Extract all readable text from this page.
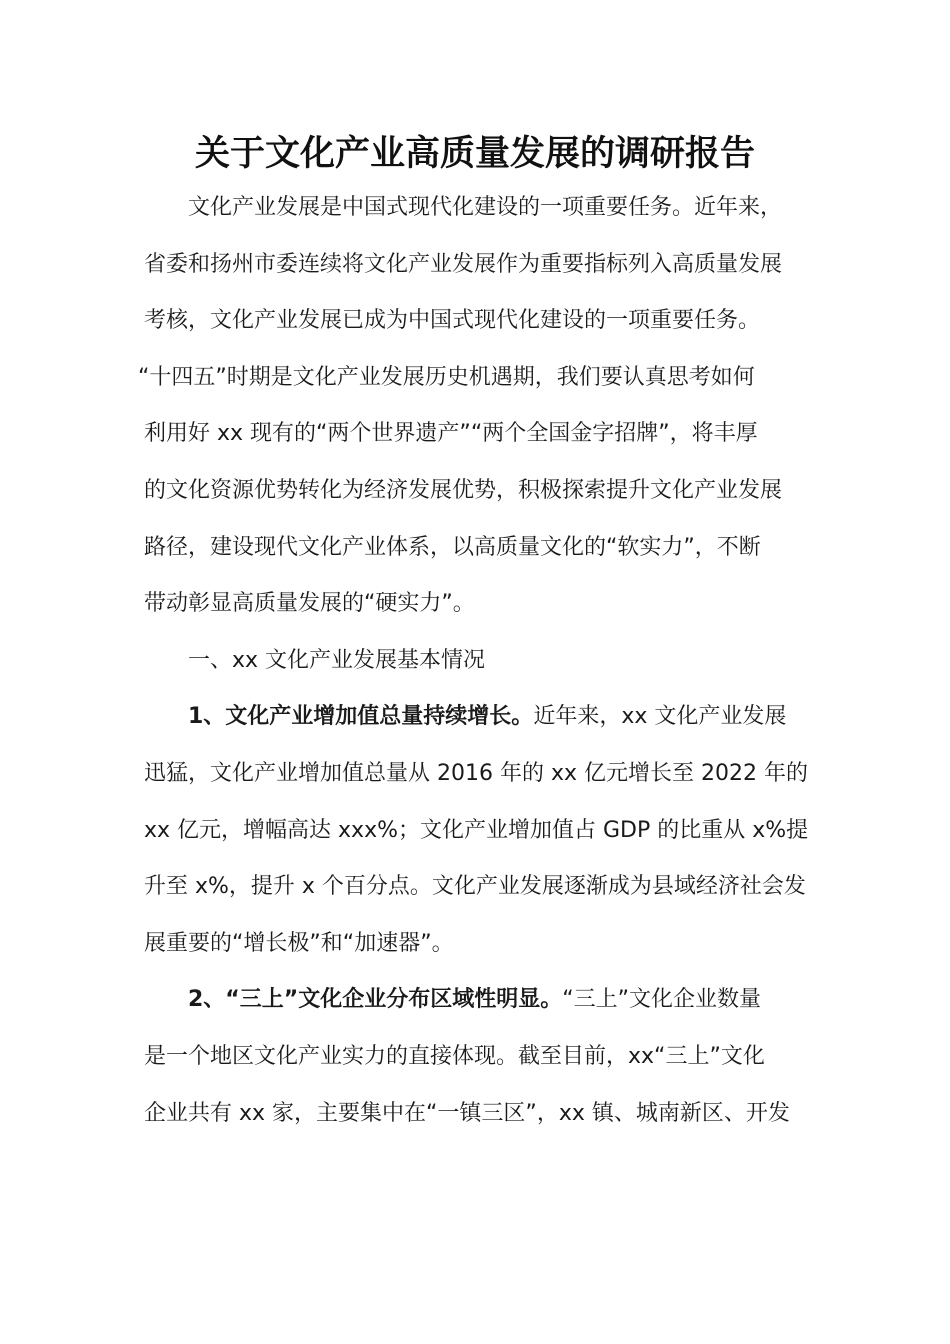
关于文化产业高质量发展的调研报告
文化产业发展是中国式现代化建设的一项重要任务。近年来，
省委和扬州市委连续将文化产业发展作为重要指标列入高质量发展
考核，文化产业发展已成为中国式现代化建设的一项重要任务。
“十四五”时期是文化产业发展历史机遇期，我们要认真思考如何
利用好 xx 现有的“两个世界遗产”“两个全国金字招牌”，将丰厚
的文化资源优势转化为经济发展优势，积极探索提升文化产业发展
路径，建设现代文化产业体系，以高质量文化的“软实力”，不断
带动彰显高质量发展的“硬实力”。
一、xx 文化产业发展基本情况
1、文化产业增加值总量持续增长。近年来，xx 文化产业发展
迅猛，文化产业增加值总量从 2016 年的 xx 亿元增长至 2022 年的
xx 亿元，增幅高达 xxx%；文化产业增加值占 GDP 的比重从 x%提
升至 x%，提升 x 个百分点。文化产业发展逐渐成为县域经济社会发
展重要的“增长极”和“加速器”。
2、“三上”文化企业分布区域性明显。“三上”文化企业数量
是一个地区文化产业实力的直接体现。截至目前，xx“三上”文化
企业共有 xx 家，主要集中在“一镇三区”，xx 镇、城南新区、开发
